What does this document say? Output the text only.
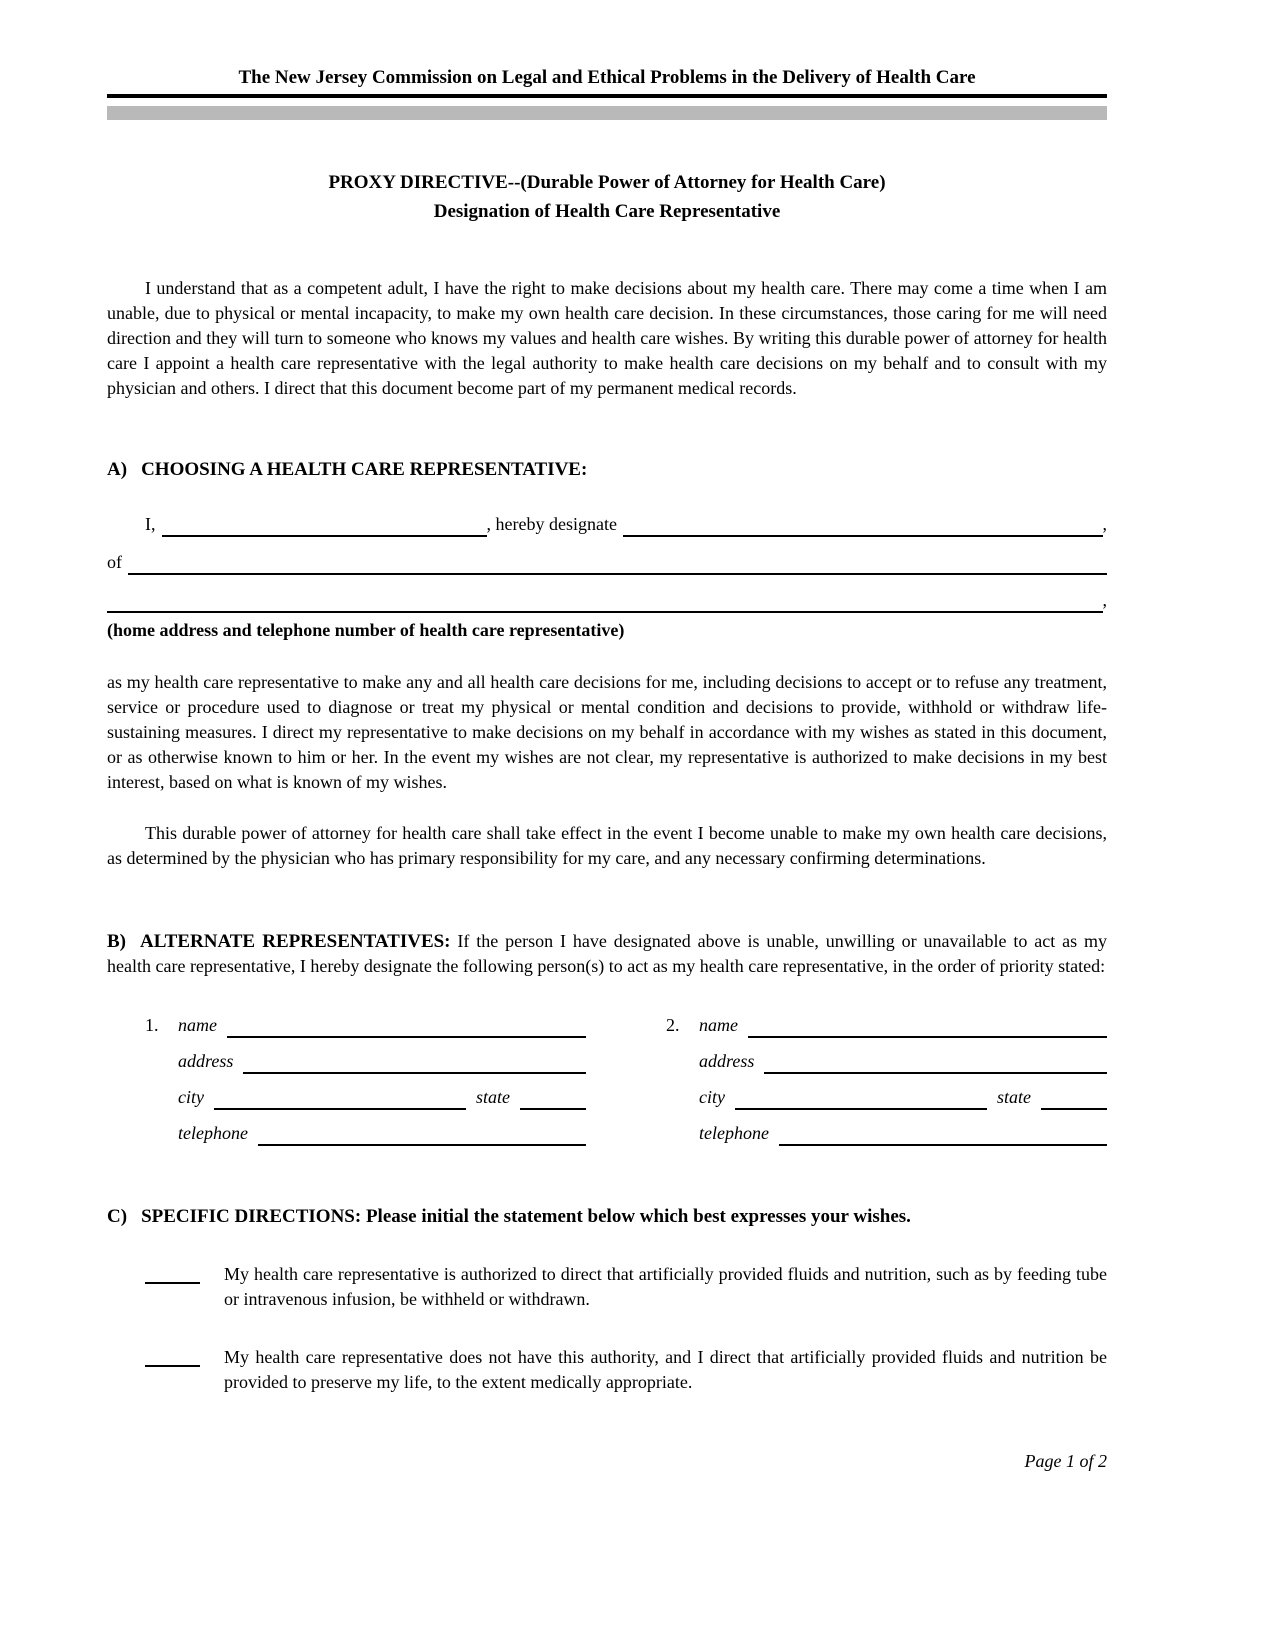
The New Jersey Commission on Legal and Ethical Problems in the Delivery of Health Care
PROXY DIRECTIVE--(Durable Power of Attorney for Health Care)
Designation of Health Care Representative
I understand that as a competent adult, I have the right to make decisions about my health care. There may come a time when I am unable, due to physical or mental incapacity, to make my own health care decision. In these circumstances, those caring for me will need direction and they will turn to someone who knows my values and health care wishes. By writing this durable power of attorney for health care I appoint a health care representative with the legal authority to make health care decisions on my behalf and to consult with my physician and others. I direct that this document become part of my permanent medical records.
A) CHOOSING A HEALTH CARE REPRESENTATIVE:
I,	, hereby designate	,
of
,
(home address and telephone number of health care representative)
as my health care representative to make any and all health care decisions for me, including decisions to accept or to refuse any treatment, service or procedure used to diagnose or treat my physical or mental condition and decisions to provide, withhold or withdraw life-sustaining measures. I direct my representative to make decisions on my behalf in accordance with my wishes as stated in this document, or as otherwise known to him or her. In the event my wishes are not clear, my representative is authorized to make decisions in my best interest, based on what is known of my wishes.
This durable power of attorney for health care shall take effect in the event I become unable to make my own health care decisions, as determined by the physician who has primary responsibility for my care, and any necessary confirming determinations.
B) ALTERNATE REPRESENTATIVES: If the person I have designated above is unable, unwilling or unavailable to act as my health care representative, I hereby designate the following person(s) to act as my health care representative, in the order of priority stated:
1.	name
address
city	state
telephone
2.	name
address
city	state
telephone
C) SPECIFIC DIRECTIONS: Please initial the statement below which best expresses your wishes.
My health care representative is authorized to direct that artificially provided fluids and nutrition, such as by feeding tube or intravenous infusion, be withheld or withdrawn.
My health care representative does not have this authority, and I direct that artificially provided fluids and nutrition be provided to preserve my life, to the extent medically appropriate.
Page 1 of 2
